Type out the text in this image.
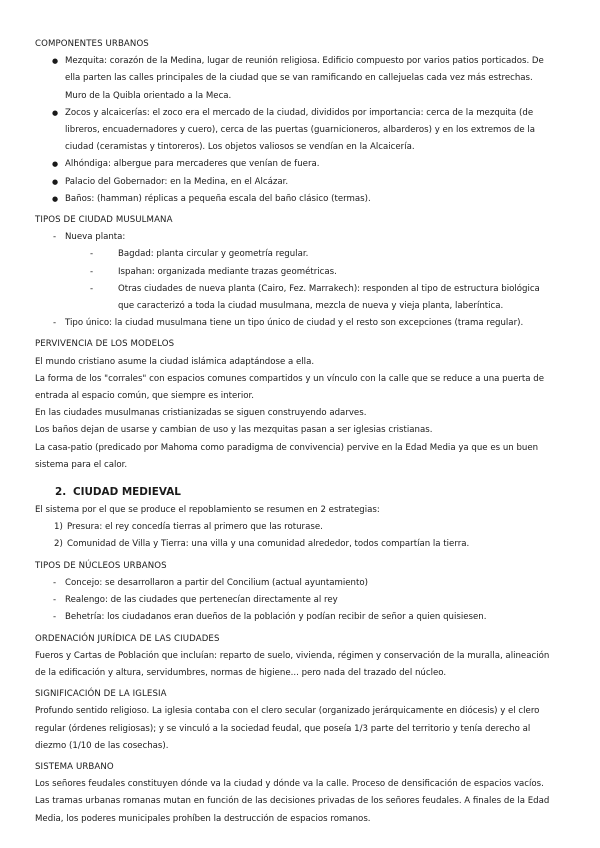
COMPONENTES URBANOS
● Mezquita: corazón de la Medina, lugar de reunión religiosa. Edificio compuesto por varios patios porticados. De ella parten las calles principales de la ciudad que se van ramificando en callejuelas cada vez más estrechas. Muro de la Quibla orientado a la Meca.
● Zocos y alcaicerías: el zoco era el mercado de la ciudad, divididos por importancia: cerca de la mezquita (de libreros, encuadernadores y cuero), cerca de las puertas (guarnicioneros, albarderos) y en los extremos de la ciudad (ceramistas y tintoreros). Los objetos valiosos se vendían en la Alcaicería.
● Alhóndiga: albergue para mercaderes que venían de fuera.
● Palacio del Gobernador: en la Medina, en el Alcázar.
● Baños: (hamman) réplicas a pequeña escala del baño clásico (termas).
TIPOS DE CIUDAD MUSULMANA
- Nueva planta:
-	Bagdad: planta circular y geometría regular.
-	Ispahan: organizada mediante trazas geométricas.
-	Otras ciudades de nueva planta (Cairo, Fez. Marrakech): responden al tipo de estructura biológica que caracterizó a toda la ciudad musulmana, mezcla de nueva y vieja planta, laberíntica.
- Tipo único: la ciudad musulmana tiene un tipo único de ciudad y el resto son excepciones (trama regular).
PERVIVENCIA DE LOS MODELOS

El mundo cristiano asume la ciudad islámica adaptándose a ella.

La forma de los "corrales" con espacios comunes compartidos y un vínculo con la calle que se reduce a una puerta de entrada al espacio común, que siempre es interior.

En las ciudades musulmanas cristianizadas se siguen construyendo adarves.

Los baños dejan de usarse y cambian de uso y las mezquitas pasan a ser iglesias cristianas.

La casa-patio (predicado por Mahoma como paradigma de convivencia) pervive en la Edad Media ya que es un buen sistema para el calor.

2. CIUDAD MEDIEVAL

El sistema por el que se produce el repoblamiento se resumen en 2 estrategias:

1) Presura: el rey concedía tierras al primero que las roturase.
2) Comunidad de Villa y Tierra: una villa y una comunidad alrededor, todos compartían la tierra.
TIPOS DE NÚCLEOS URBANOS
- Concejo: se desarrollaron a partir del Concilium (actual ayuntamiento)
- Realengo: de las ciudades que pertenecían directamente al rey
- Behetría: los ciudadanos eran dueños de la población y podían recibir de señor a quien quisiesen.
ORDENACIÓN JURÍDICA DE LAS CIUDADES

Fueros y Cartas de Población que incluían: reparto de suelo, vivienda, régimen y conservación de la muralla, alineación de la edificación y altura, servidumbres, normas de higiene... pero nada del trazado del núcleo.

SIGNIFICACIÓN DE LA IGLESIA

Profundo sentido religioso. La iglesia contaba con el clero secular (organizado jerárquicamente en diócesis) y el clero regular (órdenes religiosas); y se vinculó a la sociedad feudal, que poseía 1/3 parte del territorio y tenía derecho al diezmo (1/10 de las cosechas).

SISTEMA URBANO

Los señores feudales constituyen dónde va la ciudad y dónde va la calle. Proceso de densificación de espacios vacíos. Las tramas urbanas romanas mutan en función de las decisiones privadas de los señores feudales. A finales de la Edad Media, los poderes municipales prohíben la destrucción de espacios romanos.
